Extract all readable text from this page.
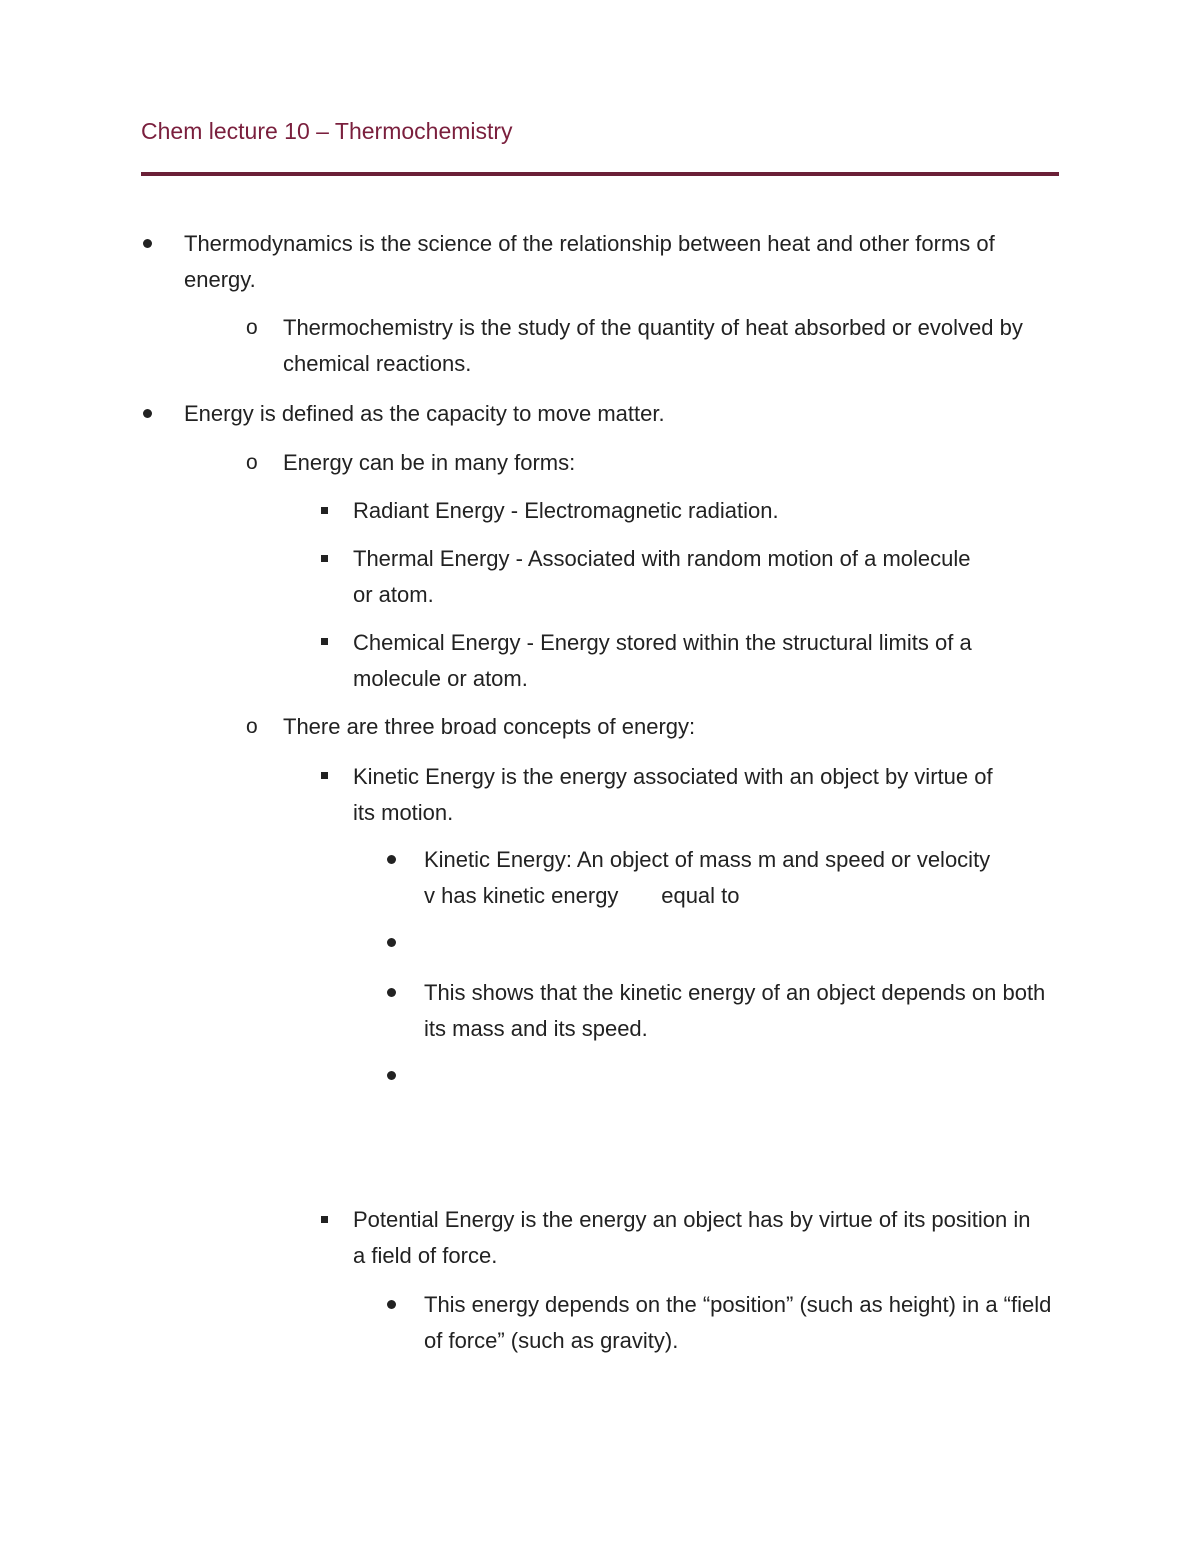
Chem lecture 10 – Thermochemistry
Thermodynamics is the science of the relationship between heat and other forms of energy.
o Thermochemistry is the study of the quantity of heat absorbed or evolved by chemical reactions.
Energy is defined as the capacity to move matter.
o Energy can be in many forms:
Radiant Energy - Electromagnetic radiation.
Thermal Energy - Associated with random motion of a molecule or atom.
Chemical Energy - Energy stored within the structural limits of a molecule or atom.
o There are three broad concepts of energy:
Kinetic Energy is the energy associated with an object by virtue of its motion.
Kinetic Energy: An object of mass m and speed or velocity v has kinetic energy       equal to
This shows that the kinetic energy of an object depends on both its mass and its speed.
Potential Energy is the energy an object has by virtue of its position in a field of force.
This energy depends on the “position” (such as height) in a “field of force” (such as gravity).
